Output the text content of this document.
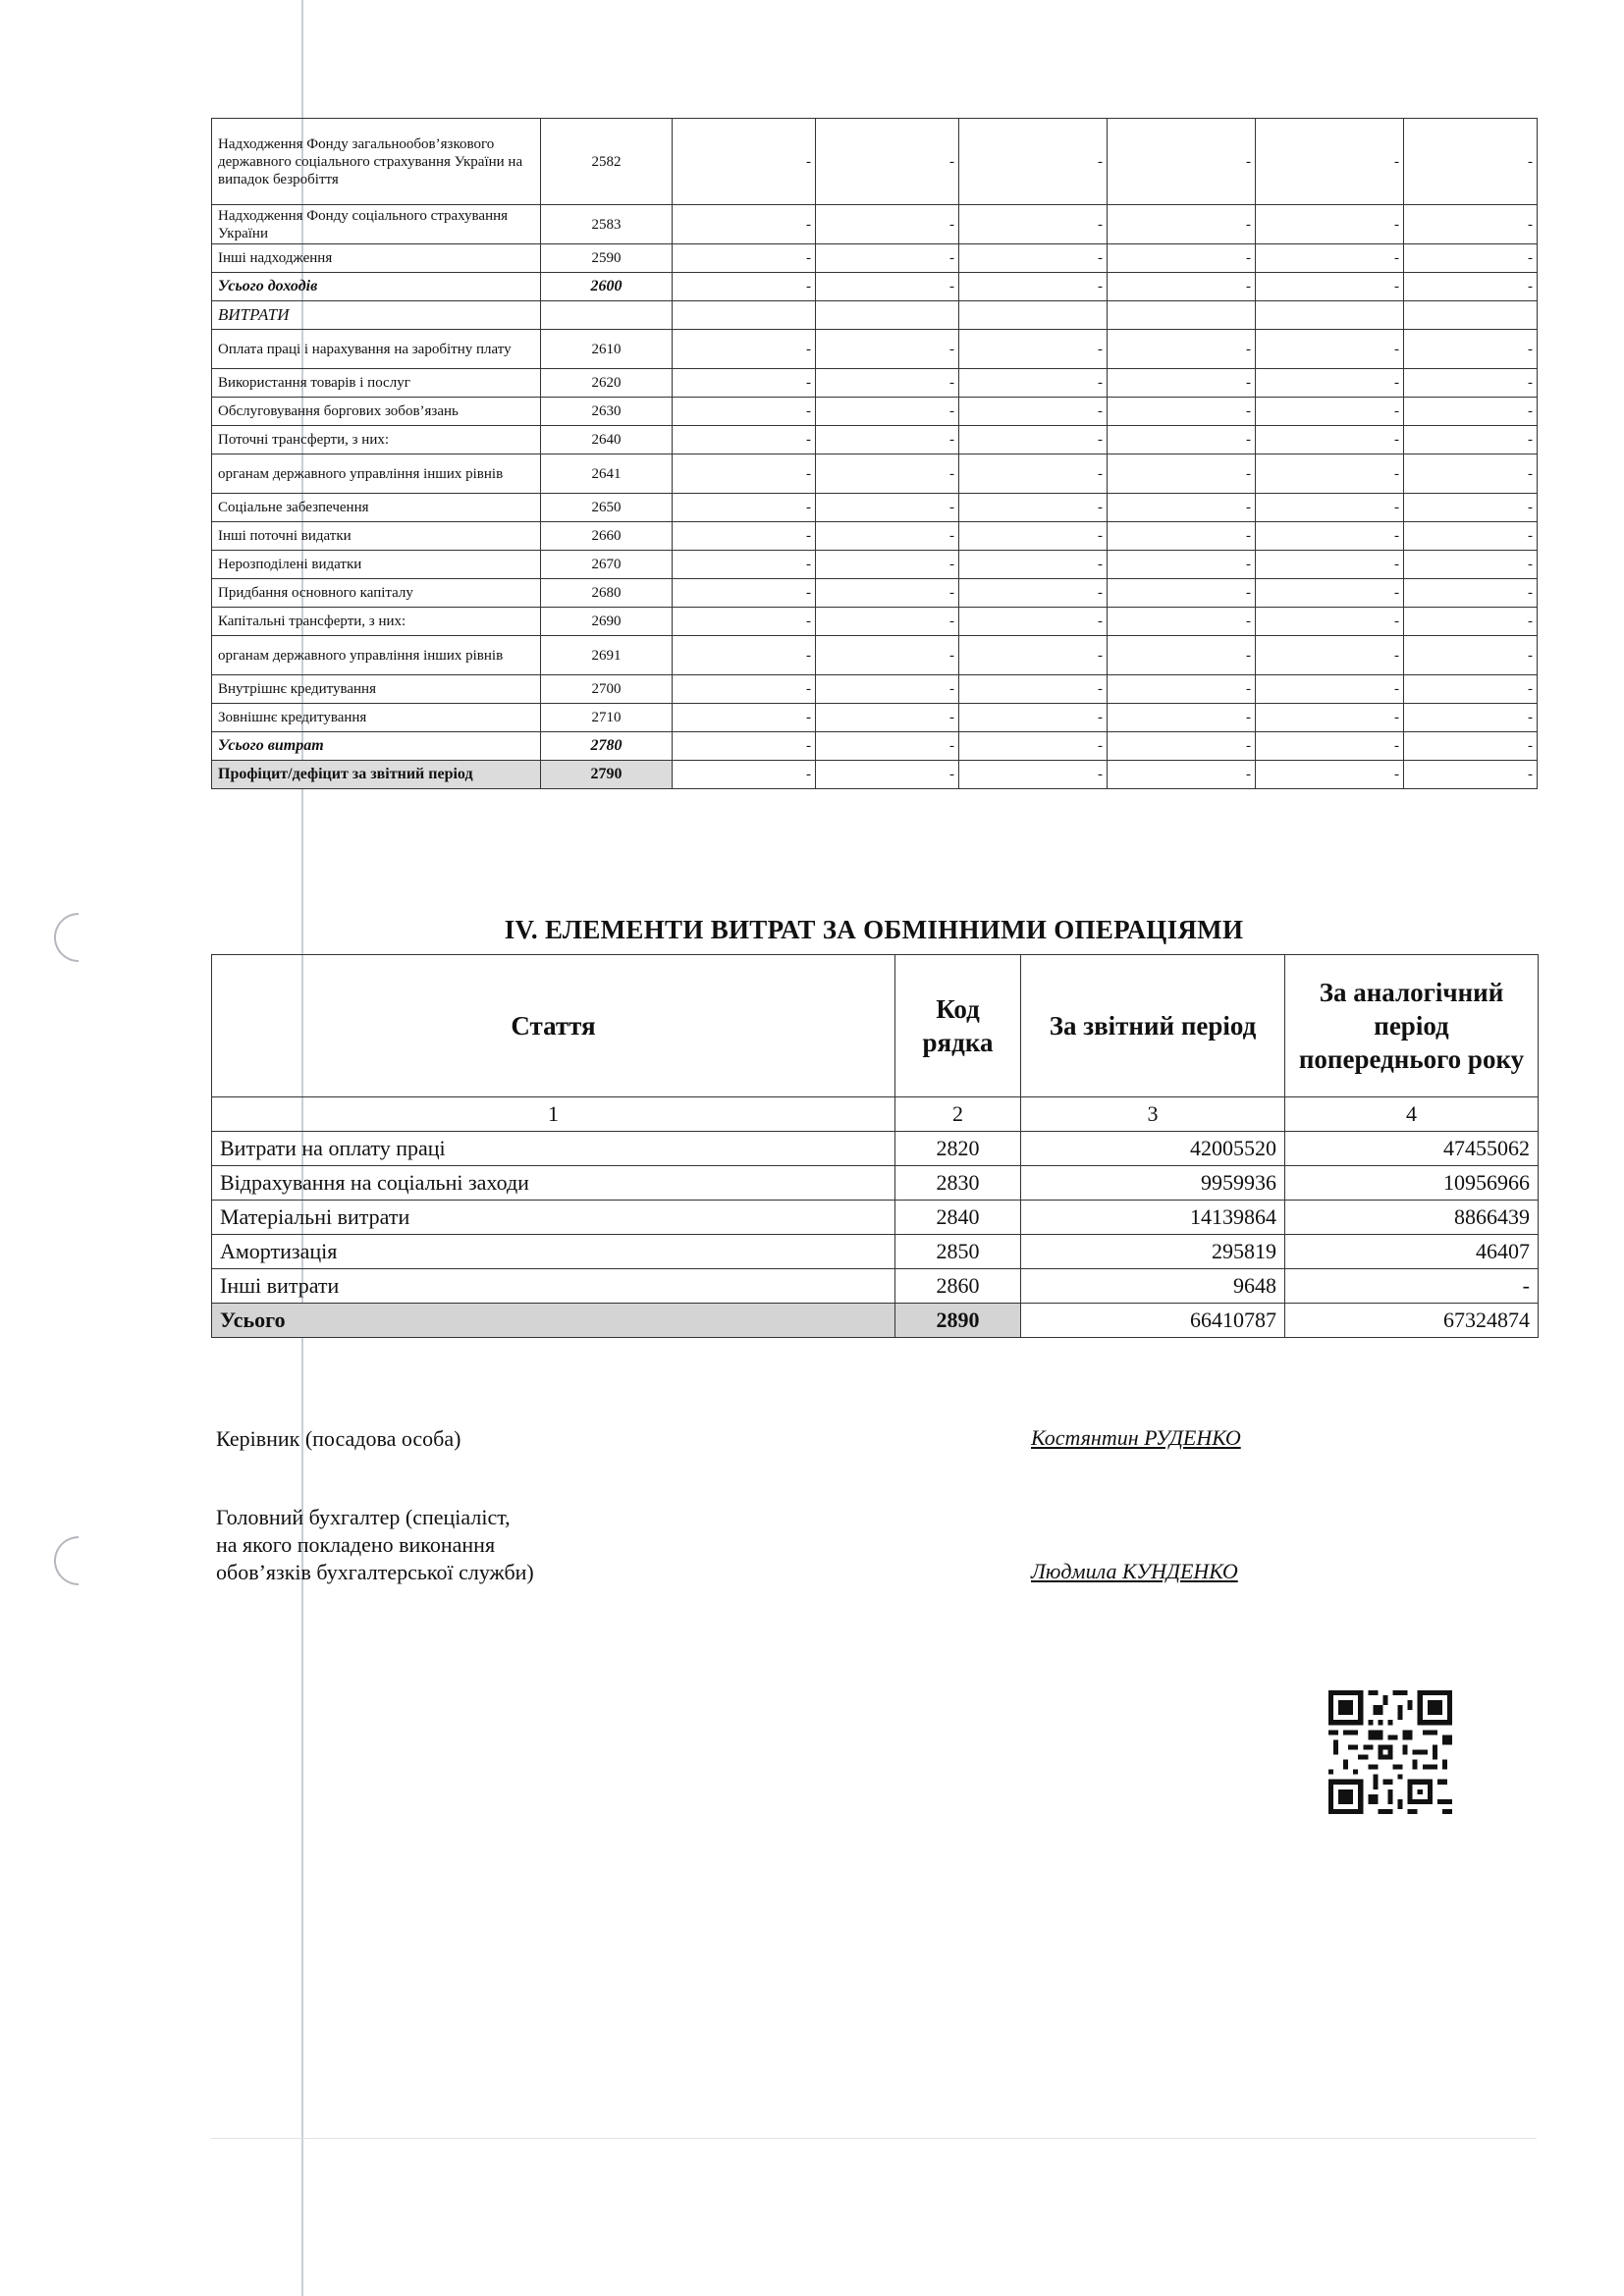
Надходження Фонду загальнообов’язкового державного соціального страхування України на випадок безробіття	2582	-	-	-	-	-	-
Надходження Фонду соціального страхування України	2583	-	-	-	-	-	-
Інші надходження	2590	-	-	-	-	-	-
Усього доходів	2600	-	-	-	-	-	-
ВИТРАТИ							
Оплата праці і нарахування на заробітну плату	2610	-	-	-	-	-	-
Використання товарів і послуг	2620	-	-	-	-	-	-
Обслуговування боргових зобов’язань	2630	-	-	-	-	-	-
Поточні трансферти, з них:	2640	-	-	-	-	-	-
органам державного управління інших рівнів	2641	-	-	-	-	-	-
Соціальне забезпечення	2650	-	-	-	-	-	-
Інші поточні видатки	2660	-	-	-	-	-	-
Нерозподілені видатки	2670	-	-	-	-	-	-
Придбання основного капіталу	2680	-	-	-	-	-	-
Капітальні трансферти, з них:	2690	-	-	-	-	-	-
органам державного управління інших рівнів	2691	-	-	-	-	-	-
Внутрішнє кредитування	2700	-	-	-	-	-	-
Зовнішнє кредитування	2710	-	-	-	-	-	-
Усього витрат	2780	-	-	-	-	-	-
Профіцит/дефіцит за звітний період	2790	-	-	-	-	-	-
IV. ЕЛЕМЕНТИ ВИТРАТ ЗА ОБМІННИМИ ОПЕРАЦІЯМИ
Стаття	Код рядка	За звітний період	За аналогічний період попереднього року
1	2	3	4
Витрати на оплату праці	2820	42005520	47455062
Відрахування на соціальні заходи	2830	9959936	10956966
Матеріальні витрати	2840	14139864	8866439
Амортизація	2850	295819	46407
Інші витрати	2860	9648	-
Усього	2890	66410787	67324874
Керівник (посадова особа)	Костянтин РУДЕНКО
Головний бухгалтер (спеціаліст,
на якого покладено виконання
обов’язків бухгалтерської служби)	Людмила КУНДЕНКО
